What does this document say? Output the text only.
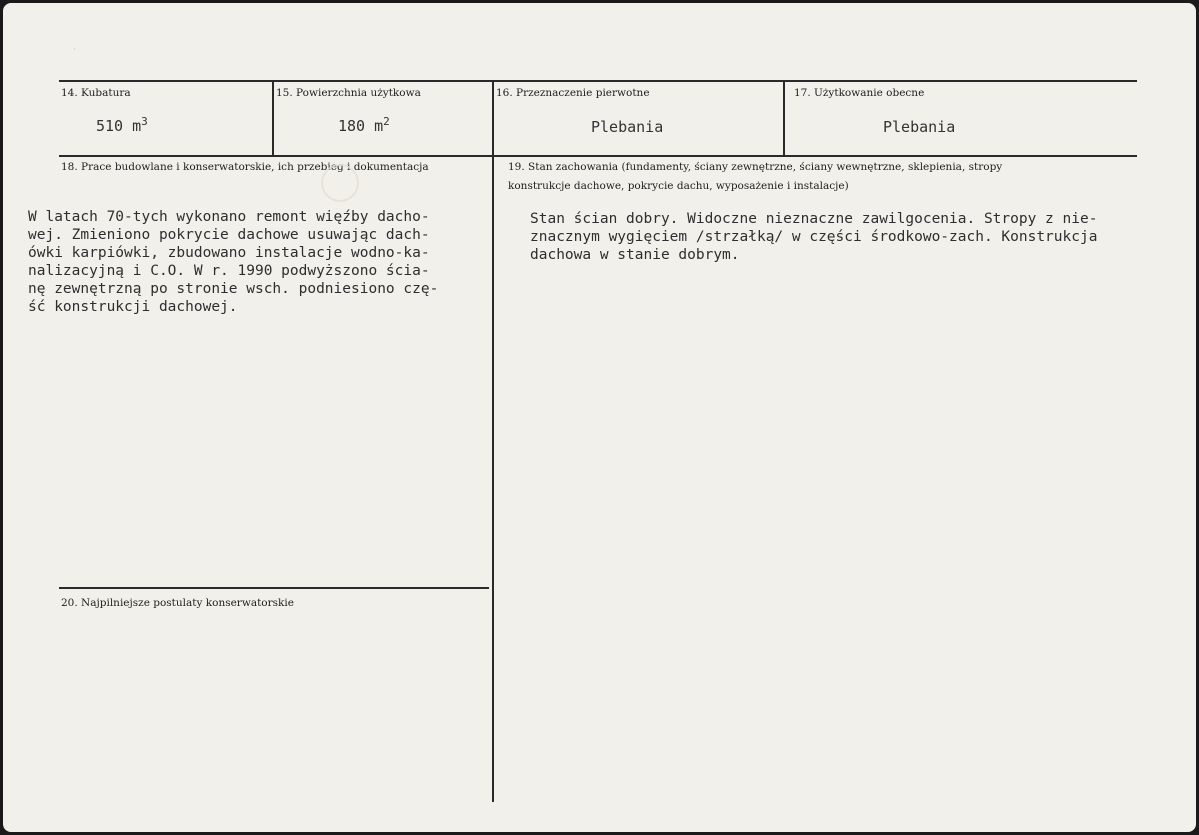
·
14. Kubatura
510 $m^3$
15. Powierzchnia użytkowa
180 $m^2$
16. Przeznaczenie pierwotne
Plebania
17. Użytkowanie obecne
Plebania
18. Prace budowlane i konserwatorskie, ich przebieg i dokumentacja

W latach 70-tych wykonano remont więźby dacho-

wej. Zmieniono pokrycie dachowe usuwając dach-

ówki karpiówki, zbudowano instalacje wodno-ka-

nalizacyjną i C.O. W r. 1990 podwyższono ścia-

nę zewnętrzną po stronie wsch. podniesiono czę-

ść konstrukcji dachowej.

19. Stan zachowania (fundamenty, ściany zewnętrzne, ściany wewnętrzne, sklepienia, stropy
konstrukcje dachowe, pokrycie dachu, wyposażenie i instalacje)

Stan ścian dobry. Widoczne nieznaczne zawilgocenia. Stropy z nie-

znacznym wygięciem /strzałką/ w części środkowo-zach. Konstrukcja

dachowa w stanie dobrym.

20. Najpilniejsze postulaty konserwatorskie
